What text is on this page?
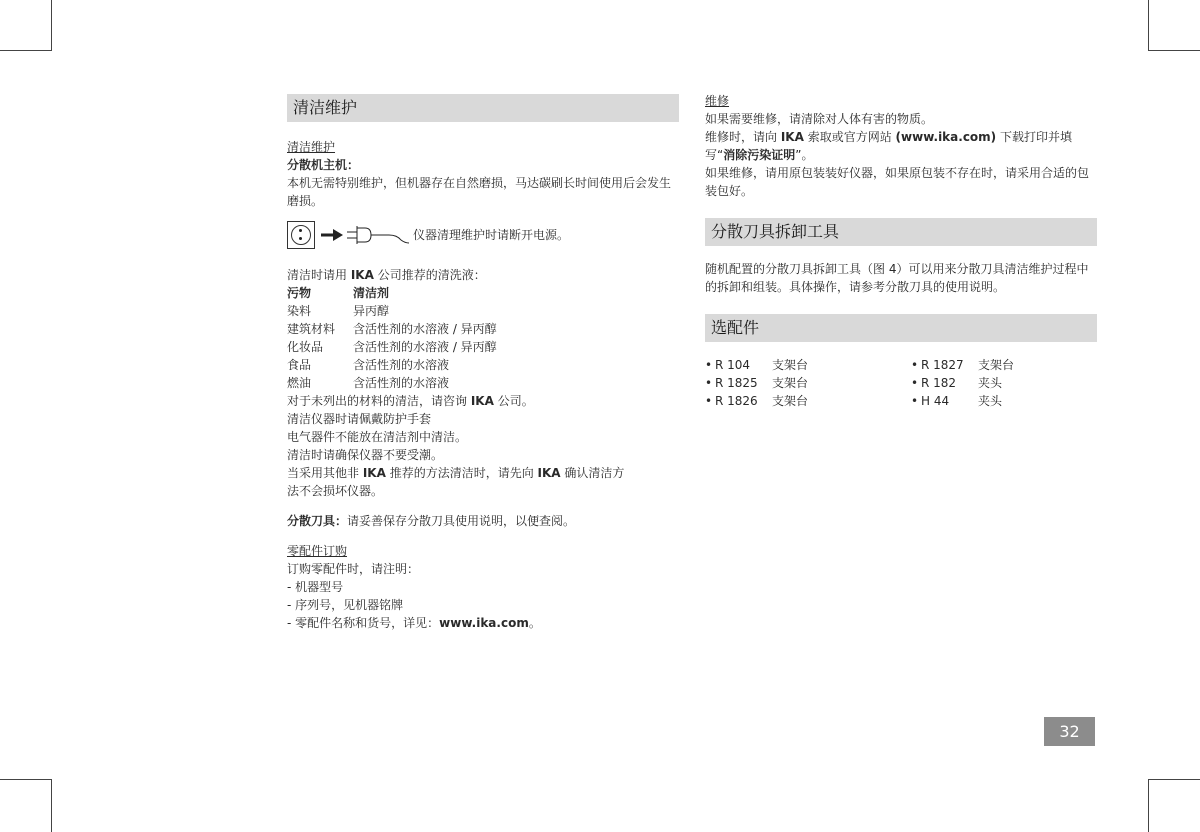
清洁维护
清洁维护
分散机主机：
本机无需特别维护，但机器存在自然磨损，马达碳刷长时间使用后会发生磨损。
仪器清理维护时请断开电源。
清洁时请用 IKA 公司推荐的清洗液：
污物	清洁剂
染料	异丙醇
建筑材料	含活性剂的水溶液 / 异丙醇
化妆品	含活性剂的水溶液 / 异丙醇
食品	含活性剂的水溶液
燃油	含活性剂的水溶液
对于未列出的材料的清洁，请咨询 IKA 公司。
清洁仪器时请佩戴防护手套
电气器件不能放在清洁剂中清洁。
清洁时请确保仪器不要受潮。
当采用其他非 IKA 推荐的方法清洁时，请先向 IKA 确认清洁方
法不会损坏仪器。
分散刀具：请妥善保存分散刀具使用说明，以便查阅。
零配件订购
订购零配件时，请注明：
- 机器型号
- 序列号，见机器铭牌
- 零配件名称和货号，详见：www.ika.com。
维修
如果需要维修，请清除对人体有害的物质。
维修时，请向 IKA 索取或官方网站 (www.ika.com) 下载打印并填写“消除污染证明”。
如果维修，请用原包装装好仪器，如果原包装不存在时，请采用合适的包装包好。
分散刀具拆卸工具
随机配置的分散刀具拆卸工具（图 4）可以用来分散刀具清洁维护过程中的拆卸和组装。具体操作，请参考分散刀具的使用说明。
选配件
• R 104	支架台
• R 1825	支架台
• R 1826	支架台
• R 1827	支架台
• R 182	夹头
• H 44	夹头
32
